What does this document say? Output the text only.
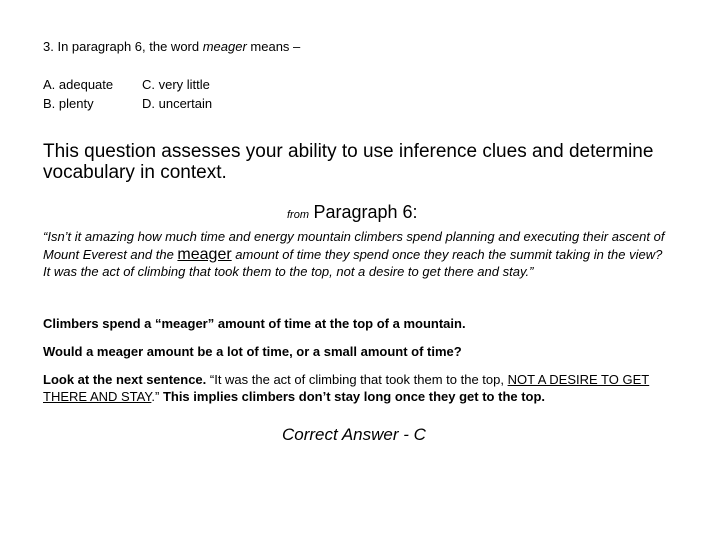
3. In paragraph 6, the word meager means –
A. adequate C. very little
B. plenty	D. uncertain
This question assesses your ability to use inference clues and determine vocabulary in context.
from Paragraph 6:
“Isn’t it amazing how much time and energy mountain climbers spend planning and executing their ascent of Mount Everest and the meager amount of time they spend once they reach the summit taking in the view? It was the act of climbing that took them to the top, not a desire to get there and stay.”
Climbers spend a “meager” amount of time at the top of a mountain.
Would a meager amount be a lot of time, or a small amount of time?
Look at the next sentence. “It was the act of climbing that took them to the top, NOT A DESIRE TO GET THERE AND STAY.” This implies climbers don’t stay long once they get to the top.
Correct Answer - C
